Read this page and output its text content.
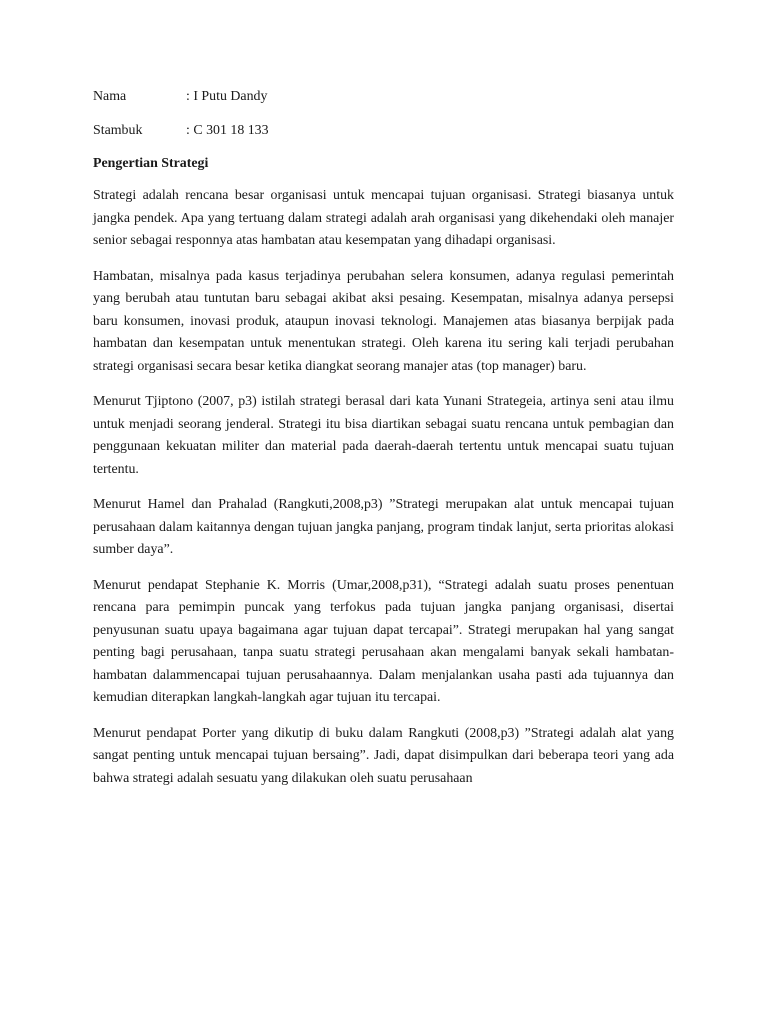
Nama	: I Putu Dandy
Stambuk	: C 301 18 133
Pengertian Strategi

Strategi adalah rencana besar organisasi untuk mencapai tujuan organisasi. Strategi biasanya untuk jangka pendek. Apa yang tertuang dalam strategi adalah arah organisasi yang dikehendaki oleh manajer senior sebagai responnya atas hambatan atau kesempatan yang dihadapi organisasi.

Hambatan, misalnya pada kasus terjadinya perubahan selera konsumen, adanya regulasi pemerintah yang berubah atau tuntutan baru sebagai akibat aksi pesaing. Kesempatan, misalnya adanya persepsi baru konsumen, inovasi produk, ataupun inovasi teknologi. Manajemen atas biasanya berpijak pada hambatan dan kesempatan untuk menentukan strategi. Oleh karena itu sering kali terjadi perubahan strategi organisasi secara besar ketika diangkat seorang manajer atas (top manager) baru.

Menurut Tjiptono (2007, p3) istilah strategi berasal dari kata Yunani Strategeia, artinya seni atau ilmu untuk menjadi seorang jenderal. Strategi itu bisa diartikan sebagai suatu rencana untuk pembagian dan penggunaan kekuatan militer dan material pada daerah-daerah tertentu untuk mencapai suatu tujuan tertentu.

Menurut Hamel dan Prahalad (Rangkuti,2008,p3) ”Strategi merupakan alat untuk mencapai tujuan perusahaan dalam kaitannya dengan tujuan jangka panjang, program tindak lanjut, serta prioritas alokasi sumber daya”.

Menurut pendapat Stephanie K. Morris (Umar,2008,p31), “Strategi adalah suatu proses penentuan rencana para pemimpin puncak yang terfokus pada tujuan jangka panjang organisasi, disertai penyusunan suatu upaya bagaimana agar tujuan dapat tercapai”. Strategi merupakan hal yang sangat penting bagi perusahaan, tanpa suatu strategi perusahaan akan mengalami banyak sekali hambatan-hambatan dalammencapai tujuan perusahaannya. Dalam menjalankan usaha pasti ada tujuannya dan kemudian diterapkan langkah-langkah agar tujuan itu tercapai.

Menurut pendapat Porter yang dikutip di buku dalam Rangkuti (2008,p3) ”Strategi adalah alat yang sangat penting untuk mencapai tujuan bersaing”. Jadi, dapat disimpulkan dari beberapa teori yang ada bahwa strategi adalah sesuatu yang dilakukan oleh suatu perusahaan
